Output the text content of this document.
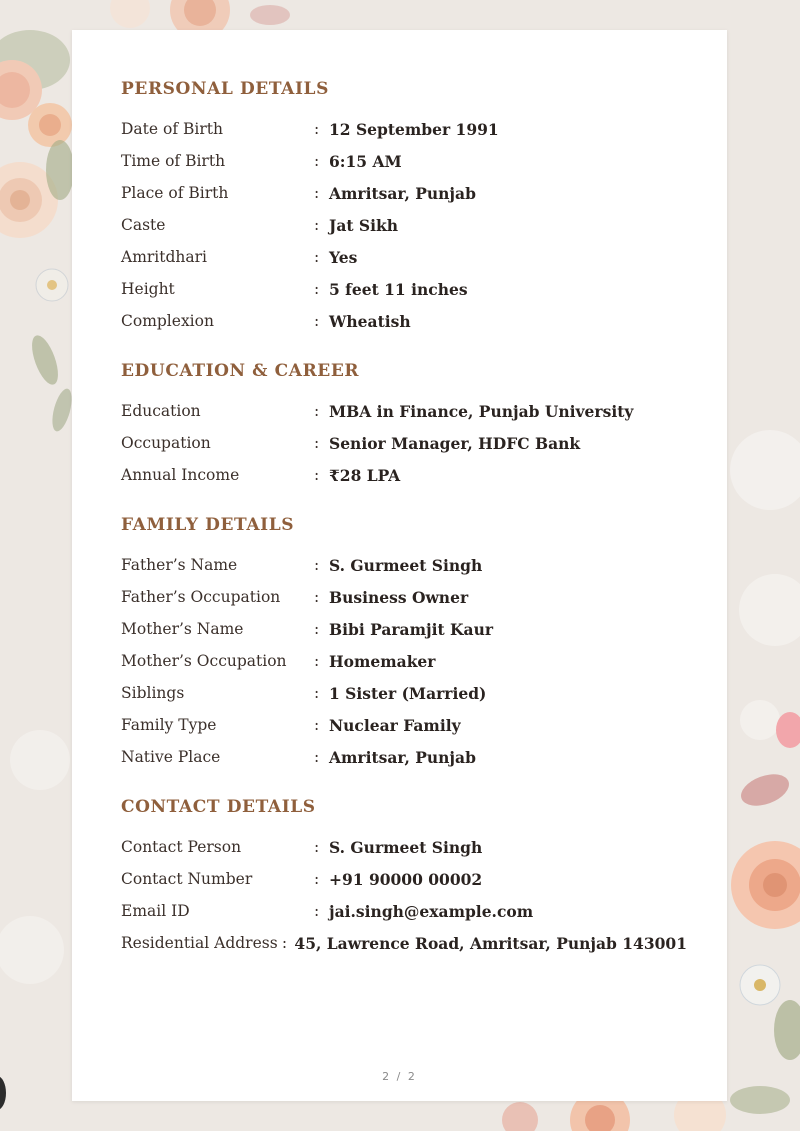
PERSONAL DETAILS
Date of Birth	: 12 September 1991
Time of Birth	: 6:15 AM
Place of Birth	: Amritsar, Punjab
Caste	: Jat Sikh
Amritdhari	: Yes
Height	: 5 feet 11 inches
Complexion	: Wheatish
EDUCATION & CAREER
Education	: MBA in Finance, Punjab University
Occupation	: Senior Manager, HDFC Bank
Annual Income	: ₹28 LPA
FAMILY DETAILS
Father’s Name	: S. Gurmeet Singh
Father’s Occupation	: Business Owner
Mother’s Name	: Bibi Paramjit Kaur
Mother’s Occupation	: Homemaker
Siblings	: 1 Sister (Married)
Family Type	: Nuclear Family
Native Place	: Amritsar, Punjab
CONTACT DETAILS
Contact Person	: S. Gurmeet Singh
Contact Number	: +91 90000 00002
Email ID	: jai.singh@example.com
Residential Address : 45, Lawrence Road, Amritsar, Punjab 143001
2 / 2
